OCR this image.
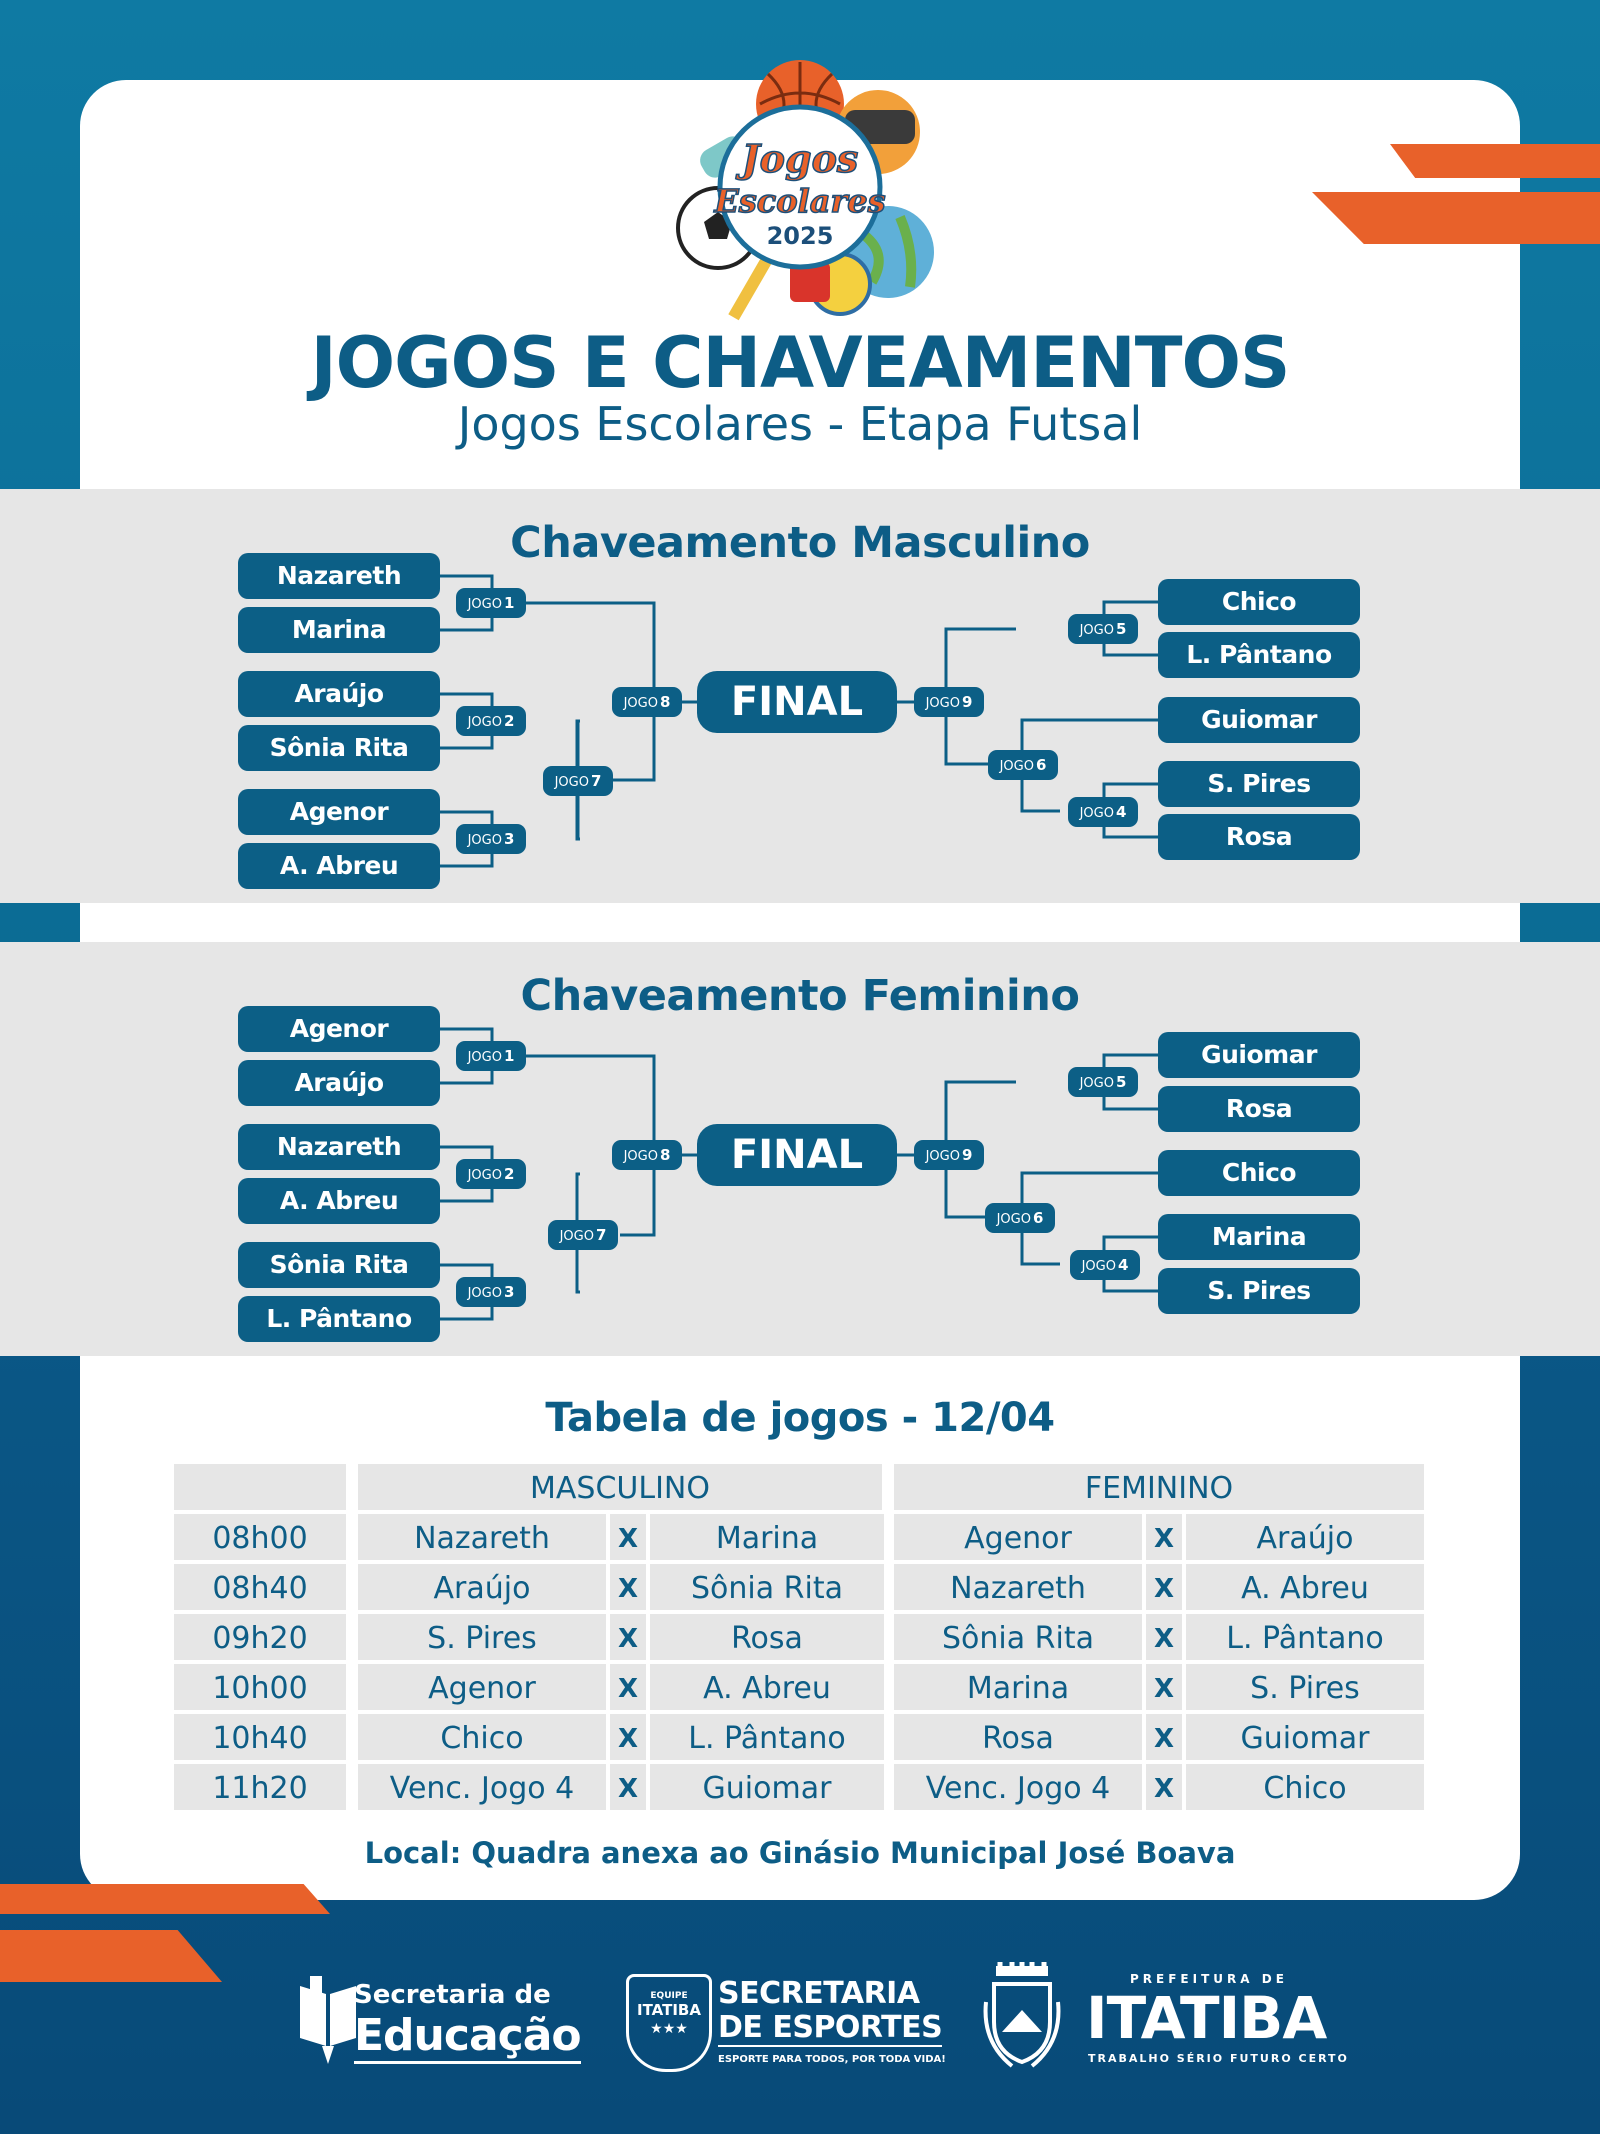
Jogos
Escolares
2025
JOGOS E CHAVEAMENTOS
Jogos Escolares - Etapa Futsal
Chaveamento Masculino
Nazareth
Marina
Araújo
Sônia Rita
Agenor
A. Abreu
Chico
L. Pântano
Guiomar
S. Pires
Rosa
JOGO 1
JOGO 2
JOGO 3
JOGO 7
JOGO 8	FINAL	JOGO 9
JOGO 5
JOGO 6
JOGO 4
Chaveamento Feminino
Agenor
Araújo
Nazareth
A. Abreu
Sônia Rita
L. Pântano
Guiomar
Rosa
Chico
Marina
S. Pires
JOGO 1
JOGO 2
JOGO 3
JOGO 7
JOGO 8	FINAL	JOGO 9
JOGO 5
JOGO 6
JOGO 4
Tabela de jogos - 12/04
MASCULINO	FEMININO
08h00	Nazareth	X	Marina	Agenor	X	Araújo
08h40	Araújo	X	Sônia Rita	Nazareth	X	A. Abreu
09h20	S. Pires	X	Rosa	Sônia Rita	X	L. Pântano
10h00	Agenor	X	A. Abreu	Marina	X	S. Pires
10h40	Chico	X	L. Pântano	Rosa	X	Guiomar
11h20	Venc. Jogo 4	X	Guiomar	Venc. Jogo 4	X	Chico
Local: Quadra anexa ao Ginásio Municipal José Boava
Secretaria de
Educação
EQUIPE
ITATIBA
★★★
SECRETARIA
DE ESPORTES
ESPORTE PARA TODOS, POR TODA VIDA!
PREFEITURA DE
ITATIBA
TRABALHO SÉRIO FUTURO CERTO
